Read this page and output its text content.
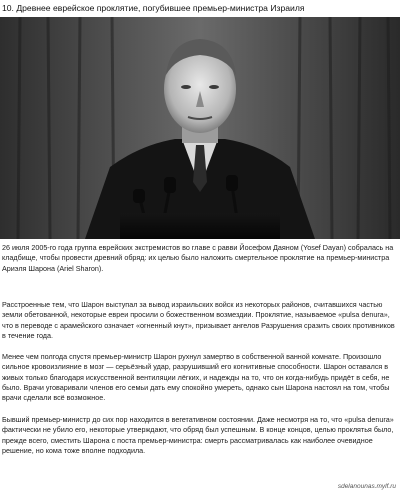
10. Древнее еврейское проклятие, погубившее премьер-министра Израиля

26 июля 2005-го года группа еврейских экстремистов во главе с равви Йосефом Даяном (Yosef Dayan) собралась на кладбище, чтобы провести древний обряд: их целью было наложить смертельное проклятие на премьер-министра Ариэля Шарона (Ariel Sharon).

Расстроенные тем, что Шарон выступал за вывод израильских войск из некоторых районов, считавшихся частью земли обетованной, некоторые евреи просили о божественном возмездии. Проклятие, называемое «pulsa denura», что в переводе с арамейского означает «огненный кнут», призывает ангелов Разрушения сразить своих противников в течение года.

Менее чем полгода спустя премьер-министр Шарон рухнул замертво в собственной ванной комнате. Произошло сильное кровоизлияние в мозг — серьёзный удар, разрушивший его когнитивные способности. Шарон оставался в живых только благодаря искусственной вентиляции лёгких, и надежды на то, что он когда-нибудь придёт в себя, не было. Врачи уговаривали членов его семьи дать ему спокойно умереть, однако сын Шарона настоял на том, чтобы врачи сделали всё возможное.

Бывший премьер-министр до сих пор находится в вегетативном состоянии. Даже несмотря на то, что «pulsa denura» фактически не убило его, некоторые утверждают, что обряд был успешным. В конце концов, целью проклятья было, прежде всего, сместить Шарона с поста премьер-министра: смерть рассматривалась как наиболее очевидное решение, но кома тоже вполне подходила.

sdelanounas.mylf.ru
